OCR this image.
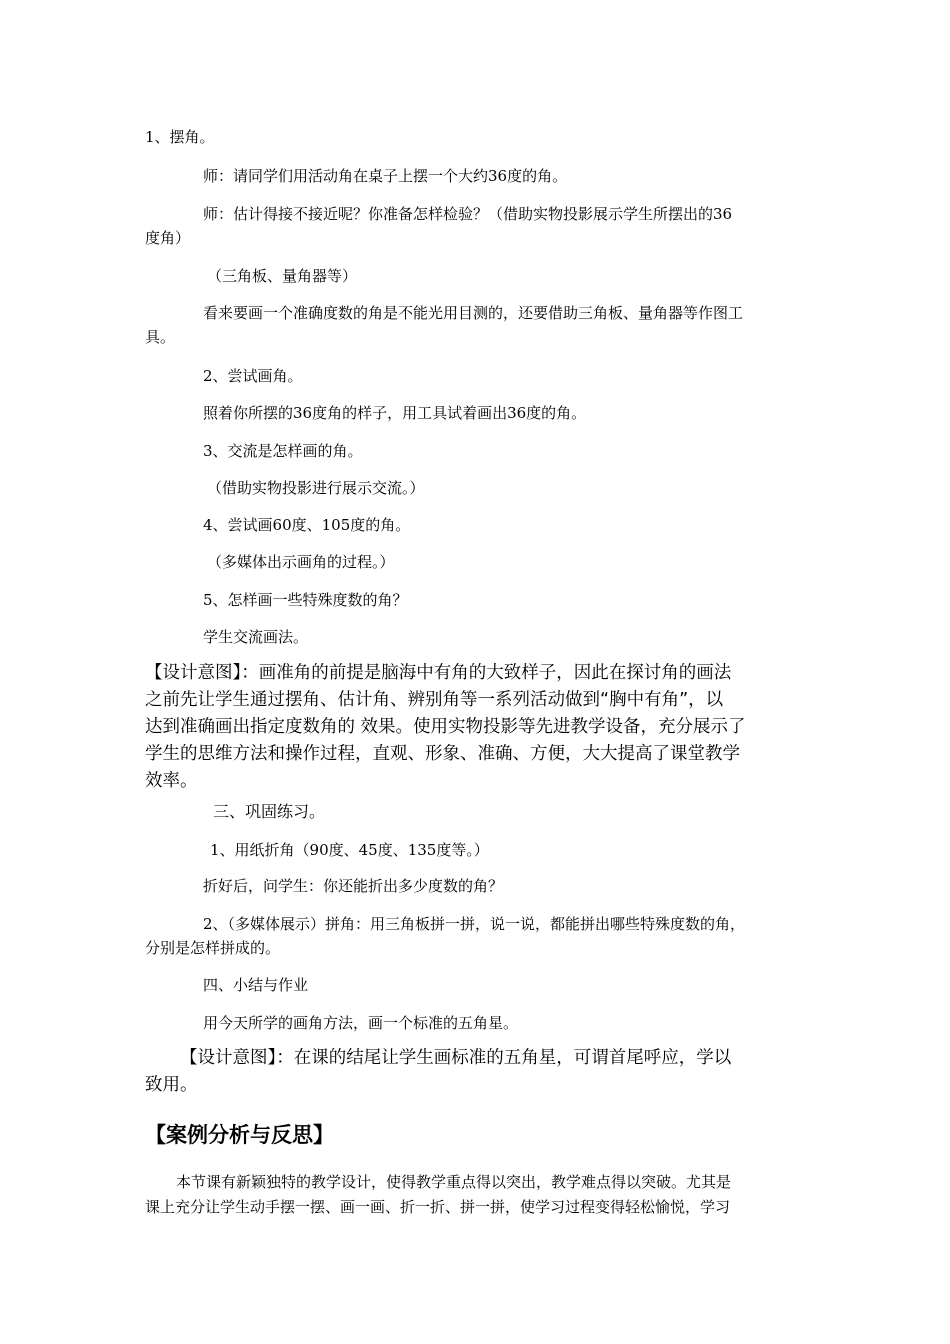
1、摆角。
师：请同学们用活动角在桌子上摆一个大约36度的角。
师：估计得接不接近呢？你准备怎样检验？（借助实物投影展示学生所摆出的36
度角）
（三角板、量角器等）
看来要画一个准确度数的角是不能光用目测的，还要借助三角板、量角器等作图工
具。
2、尝试画角。
照着你所摆的36度角的样子，用工具试着画出36度的角。
3、交流是怎样画的角。
（借助实物投影进行展示交流。）
4、尝试画60度、105度的角。
（多媒体出示画角的过程。）
5、怎样画一些特殊度数的角？
学生交流画法。
【设计意图】：画准角的前提是脑海中有角的大致样子，因此在探讨角的画法
之前先让学生通过摆角、估计角、辨别角等一系列活动做到“胸中有角”，以
达到准确画出指定度数角的 效果。使用实物投影等先进教学设备，充分展示了
学生的思维方法和操作过程，直观、形象、准确、方便，大大提高了课堂教学
效率。
三、巩固练习。
1、用纸折角（90度、45度、135度等。）
折好后，问学生：你还能折出多少度数的角？
2、（多媒体展示）拼角：用三角板拼一拼，说一说，都能拼出哪些特殊度数的角，
分别是怎样拼成的。
四、小结与作业
用今天所学的画角方法，画一个标准的五角星。
【设计意图】：在课的结尾让学生画标准的五角星，可谓首尾呼应，学以
致用。
【案例分析与反思】
本节课有新颖独特的教学设计，使得教学重点得以突出，教学难点得以突破。尤其是
课上充分让学生动手摆一摆、画一画、折一折、拼一拼，使学习过程变得轻松愉悦，学习
